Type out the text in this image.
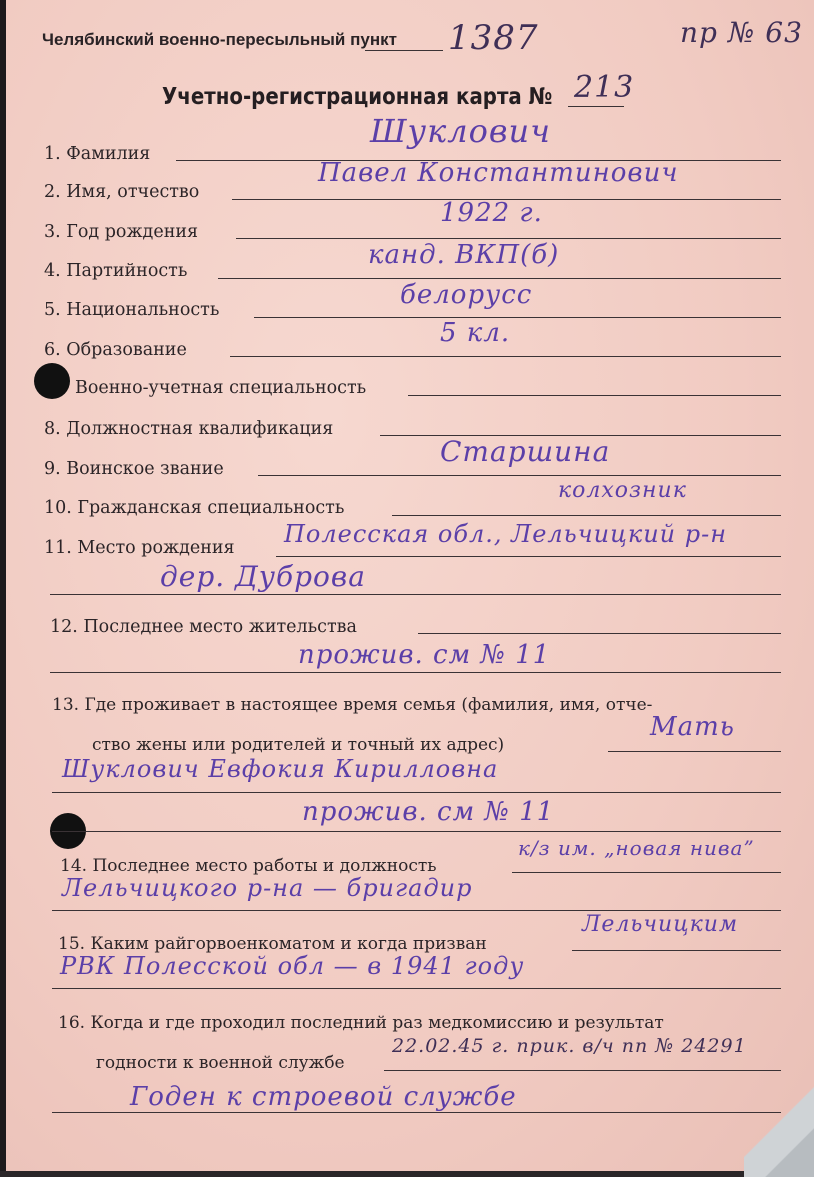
Челябинский военно-пересыльный пункт 1387	пр № 63
Учетно-регистрационная карта № 213
1. Фамилия
Шуклович
2. Имя, отчество
Павел Константинович
3. Год рождения
1922 г.
4. Партийность
канд. ВКП(б)
5. Национальность	белорусс
6. Образование
5 кл.
Военно-учетная специальность
8. Должностная квалификация
9. Воинское звание
Старшина
10. Гражданская специальность
колхозник
11. Место рождения Полесская обл., Лельчицкий р-н
дер. Дуброва
12. Последнее место жительства
прожив. см № 11
13. Где проживает в настоящее время семья (фамилия, имя, отче-
ство жены или родителей и точный их адрес)
Мать
Шуклович Евфокия Кирилловна
прожив. см № 11
14. Последнее место работы и должность
к/з им. „новая нива”
Лельчицкого р-на — бригадир
15. Каким райгорвоенкоматом и когда призван
Лельчицким
РВК Полесской обл — в 1941 году
16. Когда и где проходил последний раз медкомиссию и результат
годности к военной службе
22.02.45 г. прик. в/ч пп № 24291
Годен к строевой службе
